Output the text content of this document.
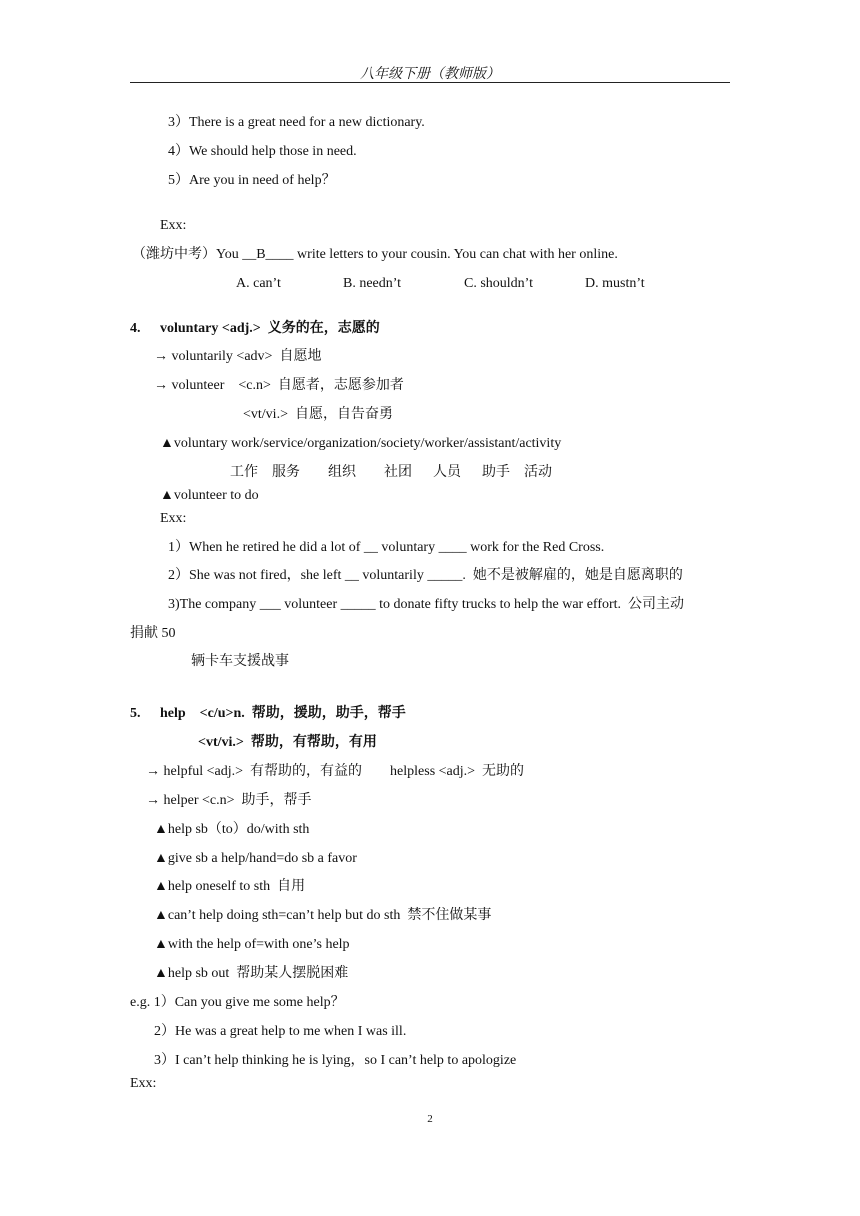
八年级下册（教师版）
3）There is a great need for a new dictionary.
4）We should help those in need.
5）Are you in need of help？
Exx:
（潍坊中考）You __B____ write letters to your cousin. You can chat with her online.
A. can’t	B. needn’t	C. shouldn’t	D. mustn’t
4. voluntary <adj.>  义务的在，志愿的
→ voluntarily <adv>  自愿地
→ volunteer    <c.n>  自愿者，志愿参加者
<vt/vi.>  自愿，自告奋勇
▲voluntary work/service/organization/society/worker/assistant/activity
工作    服务        组织        社团      人员      助手    活动
▲volunteer to do
Exx:
1）When he retired he did a lot of __ voluntary ____ work for the Red Cross.
2）She was not fired，she left __ voluntarily _____.  她不是被解雇的，她是自愿离职的
3)The company ___ volunteer _____ to donate fifty trucks to help the war effort.  公司主动
捐献 50
辆卡车支援战事
5. help    <c/u>n.  帮助，援助，助手，帮手
<vt/vi.>  帮助，有帮助，有用
→ helpful <adj.>  有帮助的，有益的        helpless <adj.>  无助的
→ helper <c.n>  助手，帮手
▲help sb（to）do/with sth
▲give sb a help/hand=do sb a favor
▲help oneself to sth  自用
▲can’t help doing sth=can’t help but do sth  禁不住做某事
▲with the help of=with one’s help
▲help sb out  帮助某人摆脱困难
e.g. 1）Can you give me some help？
2）He was a great help to me when I was ill.
3）I can’t help thinking he is lying，so I can’t help to apologize
Exx:
2
